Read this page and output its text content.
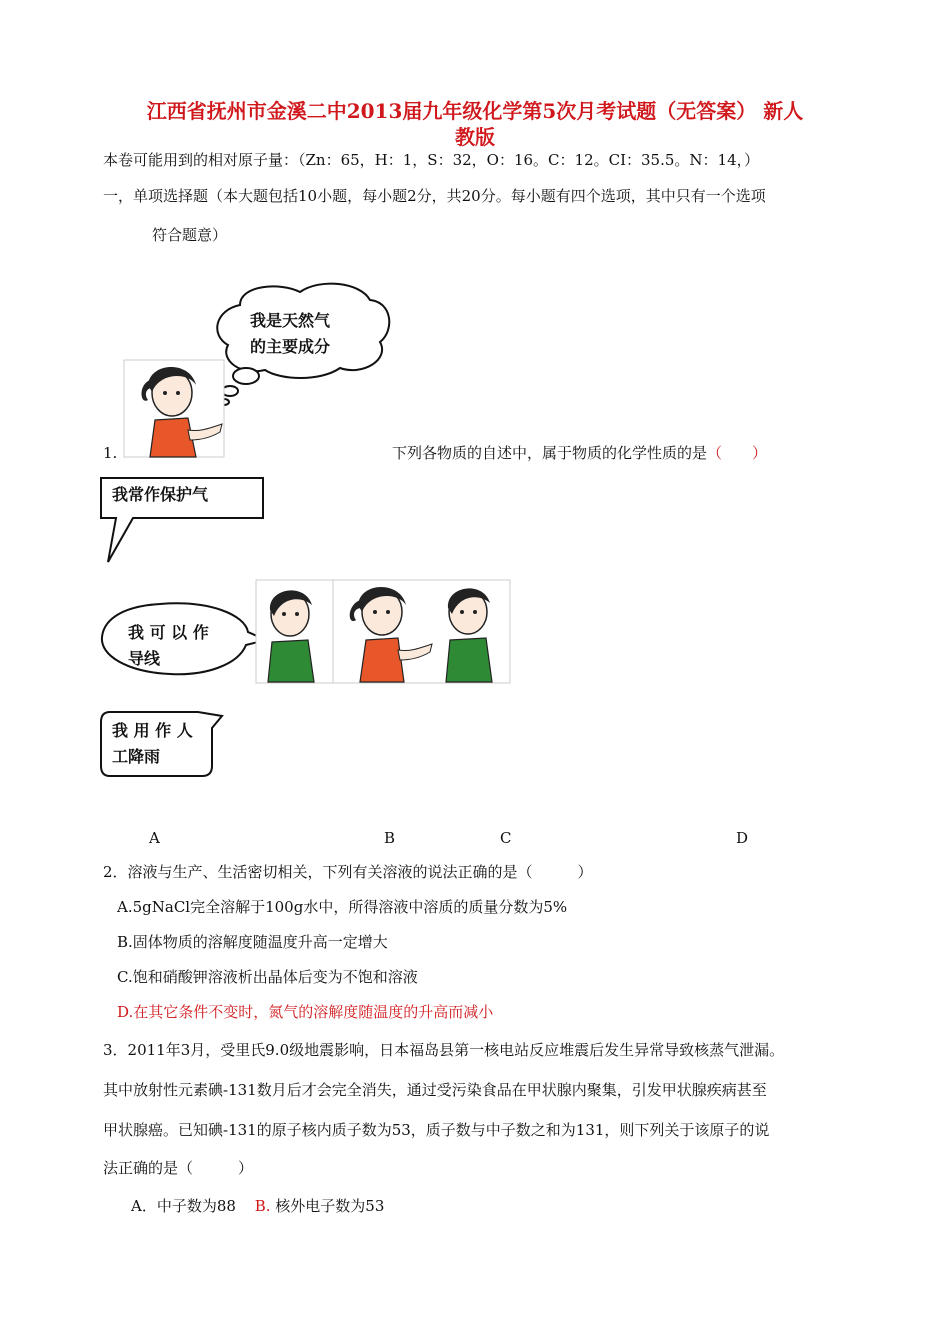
江西省抚州市金溪二中2013届九年级化学第5次月考试题（无答案） 新人
教版
本卷可能用到的相对原子量：（Zn：65，H：1，S：32，O：16。C：12。CI：35.5。N：14，）
一，单项选择题（本大题包括10小题，每小题2分，共20分。每小题有四个选项，其中只有一个选项
符合题意）
我是天然气
的主要成分
我常作保护气
我 可 以 作
导线
我 用 作 人
工降雨
1.	下列各物质的自述中，属于物质的化学性质的是（　　）
A	B	C	D
2．溶液与生产、生活密切相关，下列有关溶液的说法正确的是（　　　）
A.5gNaCl完全溶解于100g水中，所得溶液中溶质的质量分数为5%
B.固体物质的溶解度随温度升高一定增大
C.饱和硝酸钾溶液析出晶体后变为不饱和溶液
D.在其它条件不变时，氮气的溶解度随温度的升高而减小
3．2011年3月，受里氏9.0级地震影响，日本福岛县第一核电站反应堆震后发生异常导致核蒸气泄漏。
其中放射性元素碘-131数月后才会完全消失，通过受污染食品在甲状腺内聚集，引发甲状腺疾病甚至
甲状腺癌。已知碘-131的原子核内质子数为53，质子数与中子数之和为131，则下列关于该原子的说
法正确的是（　　　）
A．中子数为88 B. 核外电子数为53
